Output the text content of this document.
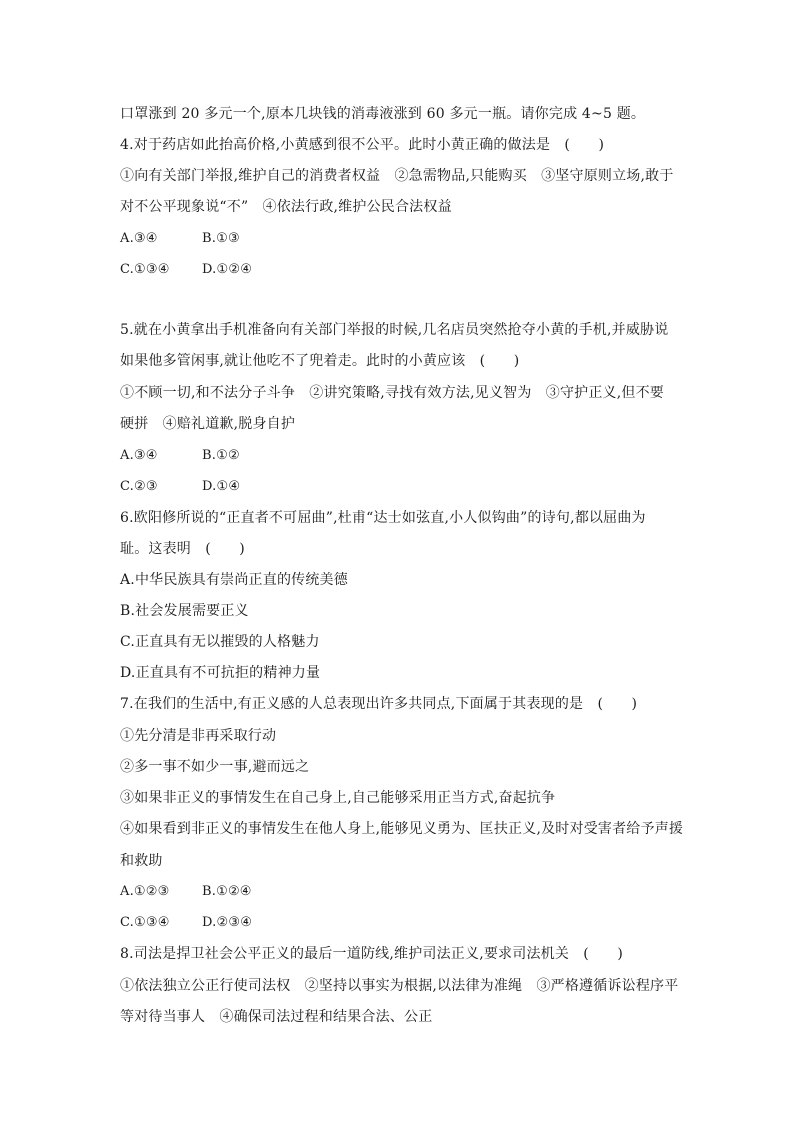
口罩涨到 20 多元一个,原本几块钱的消毒液涨到 60 多元一瓶。请你完成 4~5 题。
4.对于药店如此抬高价格,小黄感到很不公平。此时小黄正确的做法是　(　　)
①向有关部门举报,维护自己的消费者权益　②急需物品,只能购买　③坚守原则立场,敢于
对不公平现象说“不”　④依法行政,维护公民合法权益
A.③④	B.①③
C.①③④ D.①②④
5.就在小黄拿出手机准备向有关部门举报的时候,几名店员突然抢夺小黄的手机,并威胁说
如果他多管闲事,就让他吃不了兜着走。此时的小黄应该　(　　)
①不顾一切,和不法分子斗争　②讲究策略,寻找有效方法,见义智为　③守护正义,但不要
硬拼　④赔礼道歉,脱身自护
A.③④	B.①②
C.②③	D.①④
6.欧阳修所说的“正直者不可屈曲”,杜甫“达士如弦直,小人似钩曲”的诗句,都以屈曲为
耻。这表明　(　　)
A.中华民族具有崇尚正直的传统美德
B.社会发展需要正义
C.正直具有无以摧毁的人格魅力
D.正直具有不可抗拒的精神力量
7.在我们的生活中,有正义感的人总表现出许多共同点,下面属于其表现的是　(　　)
①先分清是非再采取行动
②多一事不如少一事,避而远之
③如果非正义的事情发生在自己身上,自己能够采用正当方式,奋起抗争
④如果看到非正义的事情发生在他人身上,能够见义勇为、匡扶正义,及时对受害者给予声援
和救助
A.①②③	B.①②④
C.①③④ D.②③④
8.司法是捍卫社会公平正义的最后一道防线,维护司法正义,要求司法机关　(　　)
①依法独立公正行使司法权　②坚持以事实为根据,以法律为准绳　③严格遵循诉讼程序平
等对待当事人　④确保司法过程和结果合法、公正
